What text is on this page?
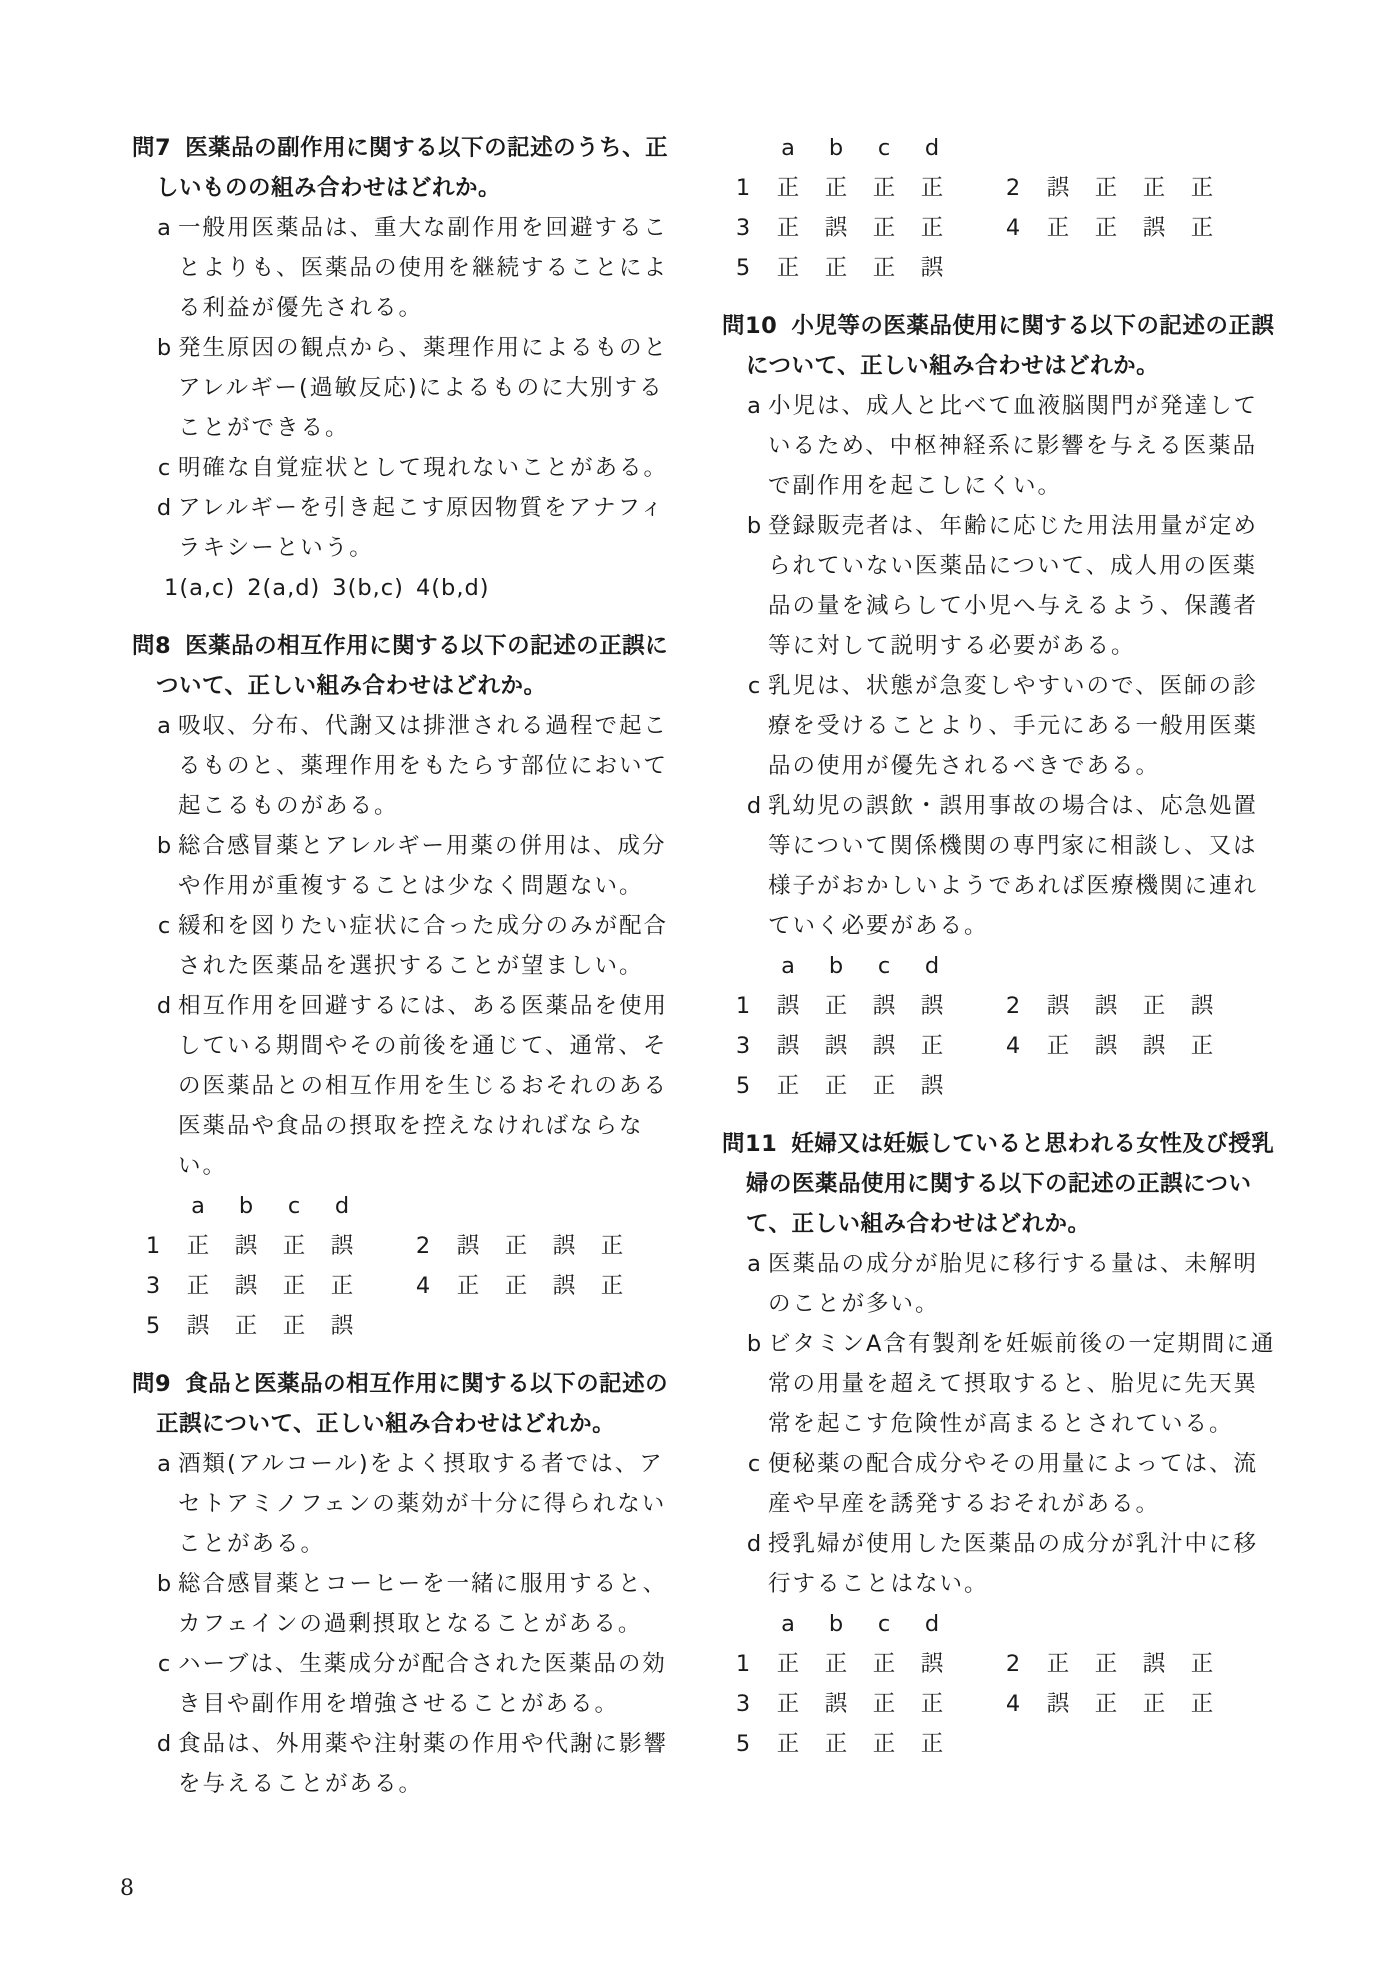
問7 医薬品の副作用に関する以下の記述のうち、正しいものの組み合わせはどれか。
a 一般用医薬品は、重大な副作用を回避することよりも、医薬品の使用を継続することによる利益が優先される。
b 発生原因の観点から、薬理作用によるものとアレルギー(過敏反応)によるものに大別することができる。
c 明確な自覚症状として現れないことがある。
d アレルギーを引き起こす原因物質をアナフィラキシーという。
1(a,c) 2(a,d) 3(b,c) 4(b,d)
問8 医薬品の相互作用に関する以下の記述の正誤について、正しい組み合わせはどれか。
a 吸収、分布、代謝又は排泄される過程で起こるものと、薬理作用をもたらす部位において起こるものがある。
b 総合感冒薬とアレルギー用薬の併用は、成分や作用が重複することは少なく問題ない。
c 緩和を図りたい症状に合った成分のみが配合された医薬品を選択することが望ましい。
d 相互作用を回避するには、ある医薬品を使用している期間やその前後を通じて、通常、その医薬品との相互作用を生じるおそれのある医薬品や食品の摂取を控えなければならない。
a	b	c	d
1	正	誤	正	誤	2	誤	正	誤	正
3	正	誤	正	正	4	正	正	誤	正
5	誤	正	正	誤
問9 食品と医薬品の相互作用に関する以下の記述の正誤について、正しい組み合わせはどれか。
a 酒類(アルコール)をよく摂取する者では、アセトアミノフェンの薬効が十分に得られないことがある。
b 総合感冒薬とコーヒーを一緒に服用すると、カフェインの過剰摂取となることがある。
c ハーブは、生薬成分が配合された医薬品の効き目や副作用を増強させることがある。
d 食品は、外用薬や注射薬の作用や代謝に影響を与えることがある。
a	b	c	d
1	正	正	正	正	2	誤	正	正	正
3	正	誤	正	正	4	正	正	誤	正
5	正	正	正	誤
問10 小児等の医薬品使用に関する以下の記述の正誤について、正しい組み合わせはどれか。
a 小児は、成人と比べて血液脳関門が発達しているため、中枢神経系に影響を与える医薬品で副作用を起こしにくい。
b 登録販売者は、年齢に応じた用法用量が定められていない医薬品について、成人用の医薬品の量を減らして小児へ与えるよう、保護者等に対して説明する必要がある。
c 乳児は、状態が急変しやすいので、医師の診療を受けることより、手元にある一般用医薬品の使用が優先されるべきである。
d 乳幼児の誤飲・誤用事故の場合は、応急処置等について関係機関の専門家に相談し、又は様子がおかしいようであれば医療機関に連れていく必要がある。
a	b	c	d
1	誤	正	誤	誤	2	誤	誤	正	誤
3	誤	誤	誤	正	4	正	誤	誤	正
5	正	正	正	誤
問11 妊婦又は妊娠していると思われる女性及び授乳婦の医薬品使用に関する以下の記述の正誤について、正しい組み合わせはどれか。
a 医薬品の成分が胎児に移行する量は、未解明のことが多い。
b ビタミンA含有製剤を妊娠前後の一定期間に通常の用量を超えて摂取すると、胎児に先天異常を起こす危険性が高まるとされている。
c 便秘薬の配合成分やその用量によっては、流産や早産を誘発するおそれがある。
d 授乳婦が使用した医薬品の成分が乳汁中に移行することはない。
a	b	c	d
1	正	正	正	誤	2	正	正	誤	正
3	正	誤	正	正	4	誤	正	正	正
5	正	正	正	正
8
